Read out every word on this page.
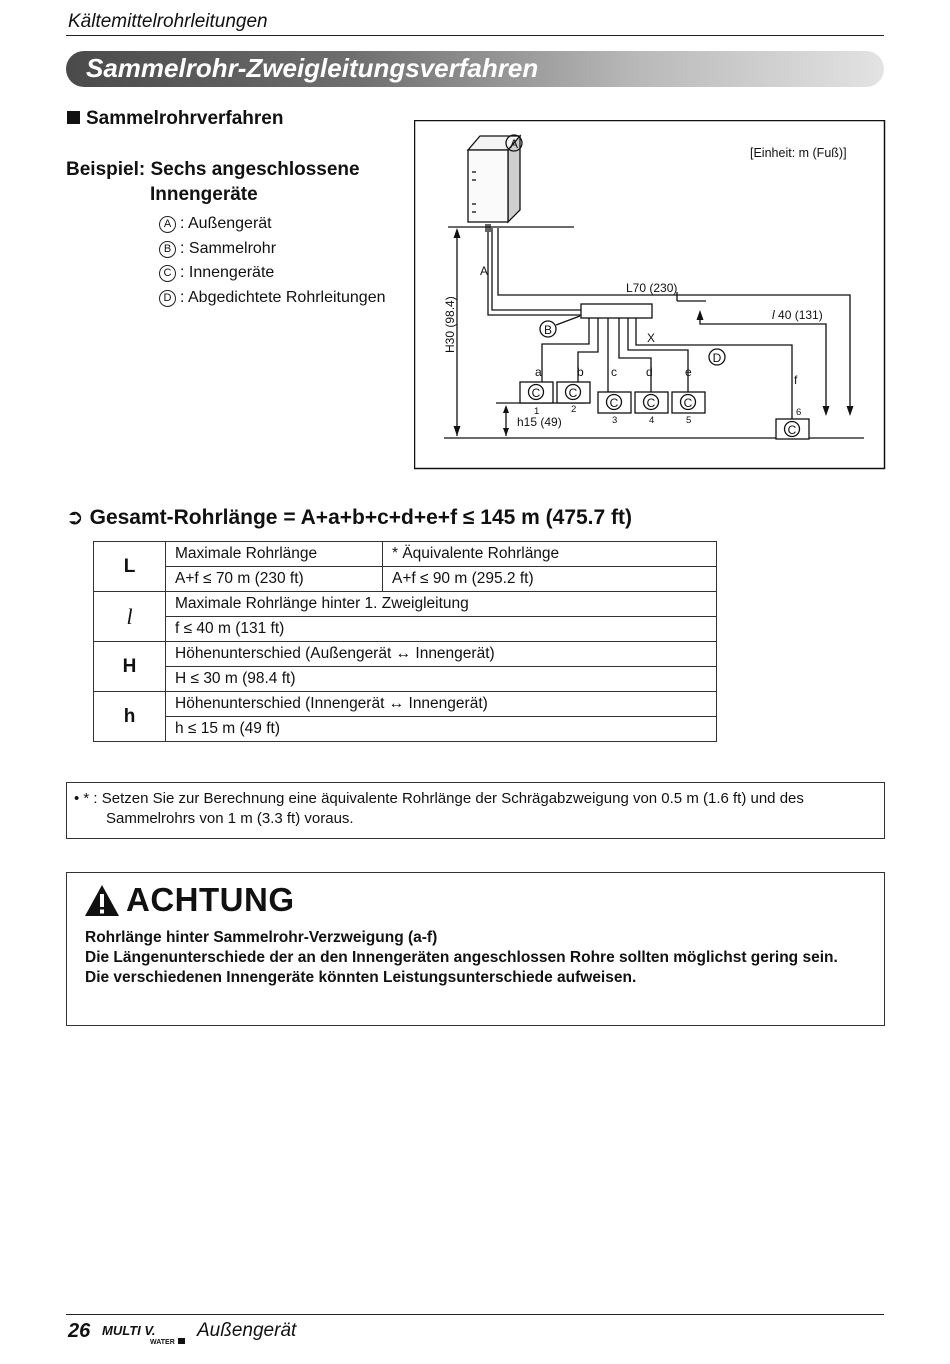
Kältemittelrohrleitungen
Sammelrohr-Zweigleitungsverfahren
Sammelrohrverfahren
Beispiel: Sechs angeschlossene
Innengeräte
A : Außengerät
B : Sammelrohr
C : Innengeräte
D : Abgedichtete Rohrleitungen
[Einheit: m (Fuß)]
A
H30 (98.4)
h15 (49)
A
B
L70 (230)
l 40 (131)
X
D
a	b c d	e
f
C C
C C C
C
1	2
3	4	5
6
➲ Gesamt-Rohrlänge = A+a+b+c+d+e+f ≤ 145 m (475.7 ft)
L	Maximale Rohrlänge	* Äquivalente Rohrlänge
	A+f ≤ 70 m (230 ft)	A+f ≤ 90 m (295.2 ft)
l	Maximale Rohrlänge hinter 1. Zweigleitung	
	f ≤ 40 m (131 ft)	
H	Höhenunterschied (Außengerät ↔ Innengerät)	
	H ≤ 30 m (98.4 ft)	
h	Höhenunterschied (Innengerät ↔ Innengerät)	
	h ≤ 15 m (49 ft)	
• * : Setzen Sie zur Berechnung eine äquivalente Rohrlänge der Schrägabzweigung von 0.5 m (1.6 ft) und des
Sammelrohrs von 1 m (3.3 ft) voraus.
ACHTUNG
Rohrlänge hinter Sammelrohr-Verzweigung (a-f)
Die Längenunterschiede der an den Innengeräten angeschlossen Rohre sollten möglichst gering sein.
Die verschiedenen Innengeräte könnten Leistungsunterschiede aufweisen.
26 MULTI V.
WATER
Außengerät
